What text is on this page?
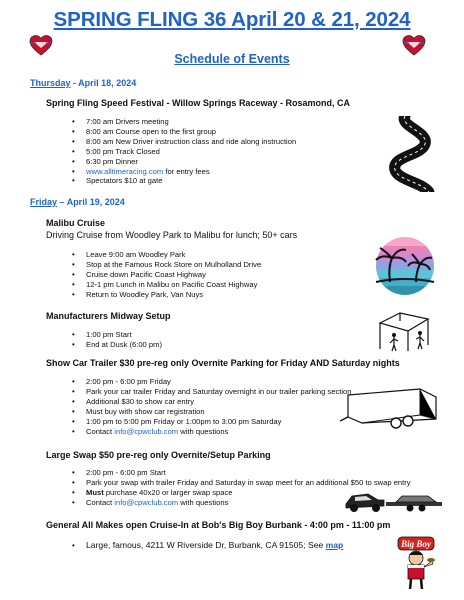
SPRING FLING 36 April 20 & 21, 2024
Schedule of Events
Thursday - April 18, 2024
Spring Fling Speed Festival - Willow Springs Raceway - Rosamond, CA
• 7:00 am Drivers meeting
• 8:00 am Course open to the first group
• 8:00 am New Driver instruction class and ride along instruction
• 5:00 pm Track Closed
• 6:30 pm Dinner
• www.alltimeracing.com for entry fees
• Spectators $10 at gate
Friday – April 19, 2024
Malibu Cruise
Driving Cruise from Woodley Park to Malibu for lunch; 50+ cars
• Leave 9:00 am Woodley Park
• Stop at the Famous Rock Store on Mulholland Drive
• Cruise down Pacific Coast Highway
• 12-1 pm Lunch in Malibu on Pacific Coast Highway
• Return to Woodley Park, Van Nuys
Manufacturers Midway Setup
• 1:00 pm Start
• End at Dusk (6:00 pm)
Show Car Trailer $30 pre-reg only Overnite Parking for Friday AND Saturday nights
• 2:00 pm - 6:00 pm Friday
• Park your car trailer Friday and Saturday overnight in our trailer parking section
• Additional $30 to show car entry
• Must buy with show car registration
• 1:00 pm to 5:00 pm Friday or 1:00pm to 3:00 pm Saturday
• Contact info@cpwclub.com with questions
Large Swap $50 pre-reg only Overnite/Setup Parking
• 2:00 pm - 6:00 pm Start
• Park your swap with trailer Friday and Saturday in swap meet for an additional $50 to swap entry
• Must purchase 40x20 or larger swap space
• Contact info@cpwclub.com with questions
General All Makes open Cruise-In at Bob's Big Boy Burbank - 4:00 pm - 11:00 pm
• Large, famous, 4211 W Riverside Dr, Burbank, CA 91505; See map	Big Boy
